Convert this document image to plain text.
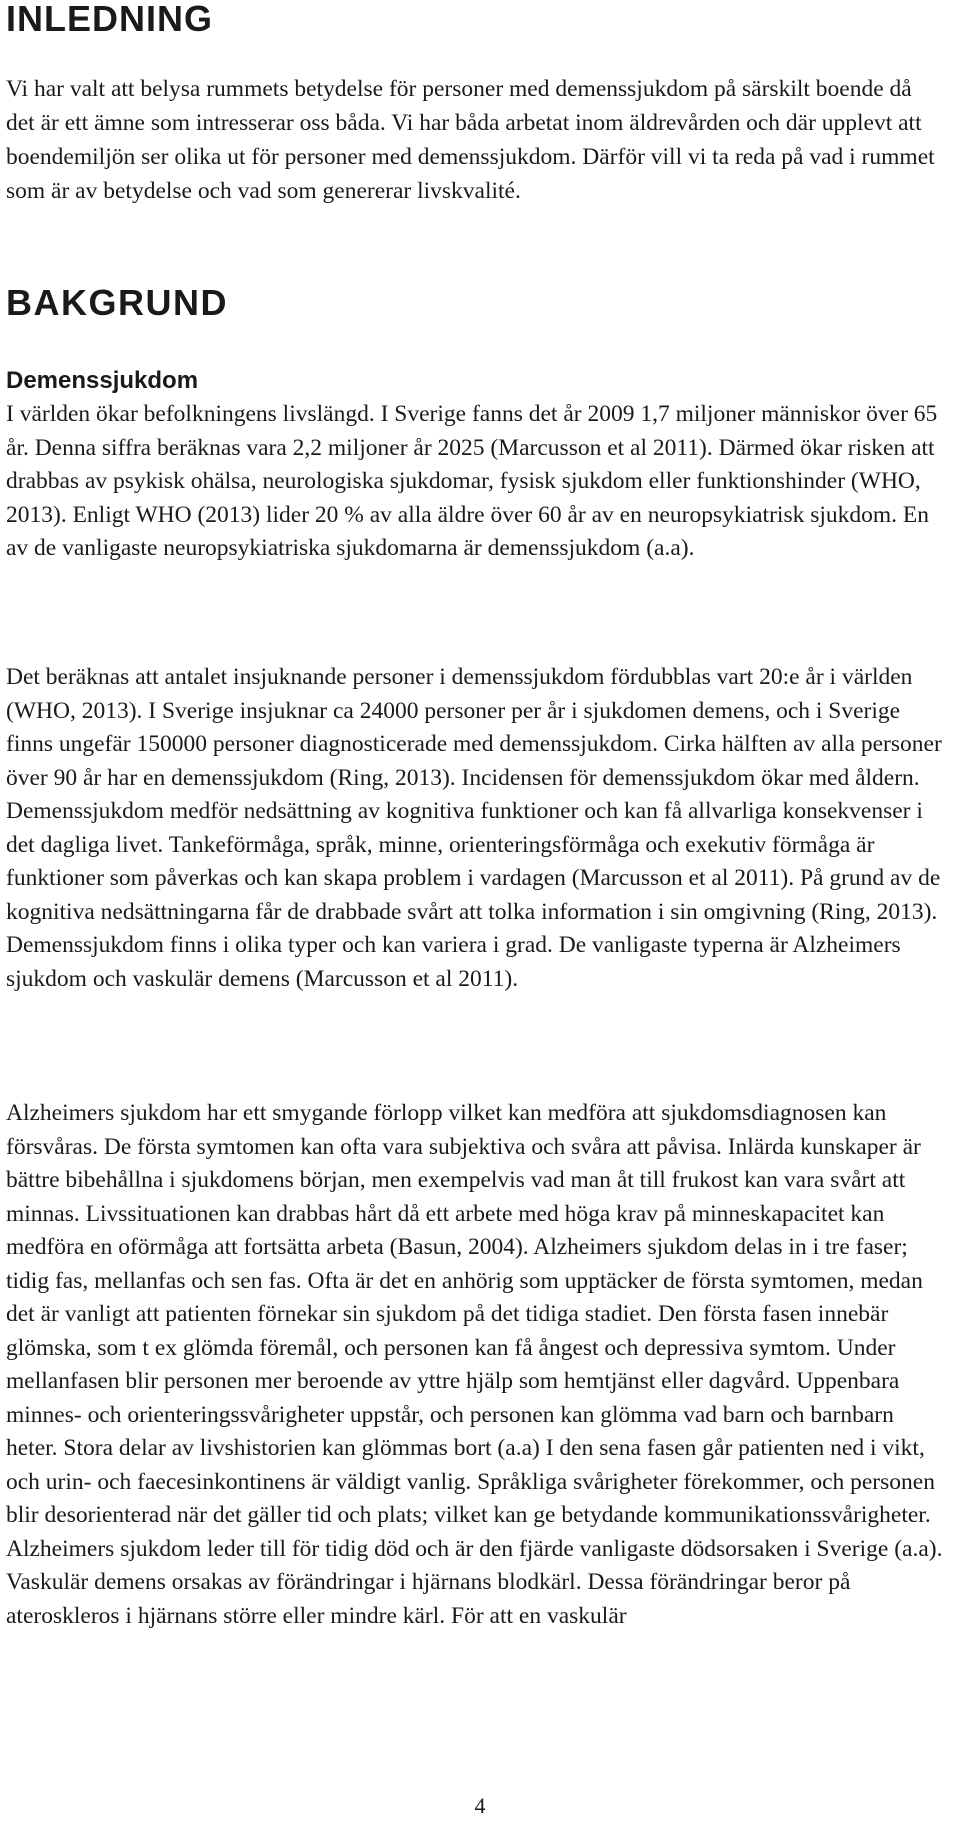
INLEDNING

Vi har valt att belysa rummets betydelse för personer med demenssjukdom på särskilt boende då det är ett ämne som intresserar oss båda. Vi har båda arbetat inom äldrevården och där upplevt att boendemiljön ser olika ut för personer med demenssjukdom. Därför vill vi ta reda på vad i rummet som är av betydelse och vad som genererar livskvalité.

BAKGRUND
Demenssjukdom

I världen ökar befolkningens livslängd. I Sverige fanns det år 2009 1,7 miljoner människor över 65 år. Denna siffra beräknas vara 2,2 miljoner år 2025 (Marcusson et al 2011). Därmed ökar risken att drabbas av psykisk ohälsa, neurologiska sjukdomar, fysisk sjukdom eller funktionshinder (WHO, 2013). Enligt WHO (2013) lider 20 % av alla äldre över 60 år av en neuropsykiatrisk sjukdom. En av de vanligaste neuropsykiatriska sjukdomarna är demenssjukdom (a.a).

Det beräknas att antalet insjuknande personer i demenssjukdom fördubblas vart 20:e år i världen (WHO, 2013). I Sverige insjuknar ca 24000 personer per år i sjukdomen demens, och i Sverige finns ungefär 150000 personer diagnosticerade med demenssjukdom. Cirka hälften av alla personer över 90 år har en demenssjukdom (Ring, 2013). Incidensen för demenssjukdom ökar med åldern. Demenssjukdom medför nedsättning av kognitiva funktioner och kan få allvarliga konsekvenser i det dagliga livet. Tankeförmåga, språk, minne, orienteringsförmåga och exekutiv förmåga är funktioner som påverkas och kan skapa problem i vardagen (Marcusson et al 2011). På grund av de kognitiva nedsättningarna får de drabbade svårt att tolka information i sin omgivning (Ring, 2013). Demenssjukdom finns i olika typer och kan variera i grad. De vanligaste typerna är Alzheimers sjukdom och vaskulär demens (Marcusson et al 2011).

Alzheimers sjukdom har ett smygande förlopp vilket kan medföra att sjukdomsdiagnosen kan försvåras. De första symtomen kan ofta vara subjektiva och svåra att påvisa. Inlärda kunskaper är bättre bibehållna i sjukdomens början, men exempelvis vad man åt till frukost kan vara svårt att minnas. Livssituationen kan drabbas hårt då ett arbete med höga krav på minneskapacitet kan medföra en oförmåga att fortsätta arbeta (Basun, 2004). Alzheimers sjukdom delas in i tre faser; tidig fas, mellanfas och sen fas. Ofta är det en anhörig som upptäcker de första symtomen, medan det är vanligt att patienten förnekar sin sjukdom på det tidiga stadiet. Den första fasen innebär glömska, som t ex glömda föremål, och personen kan få ångest och depressiva symtom. Under mellanfasen blir personen mer beroende av yttre hjälp som hemtjänst eller dagvård. Uppenbara minnes- och orienteringssvårigheter uppstår, och personen kan glömma vad barn och barnbarn heter. Stora delar av livshistorien kan glömmas bort (a.a) I den sena fasen går patienten ned i vikt, och urin- och faecesinkontinens är väldigt vanlig. Språkliga svårigheter förekommer, och personen blir desorienterad när det gäller tid och plats; vilket kan ge betydande kommunikationssvårigheter. Alzheimers sjukdom leder till för tidig död och är den fjärde vanligaste dödsorsaken i Sverige (a.a). Vaskulär demens orsakas av förändringar i hjärnans blodkärl. Dessa förändringar beror på ateroskleros i hjärnans större eller mindre kärl. För att en vaskulär

4
